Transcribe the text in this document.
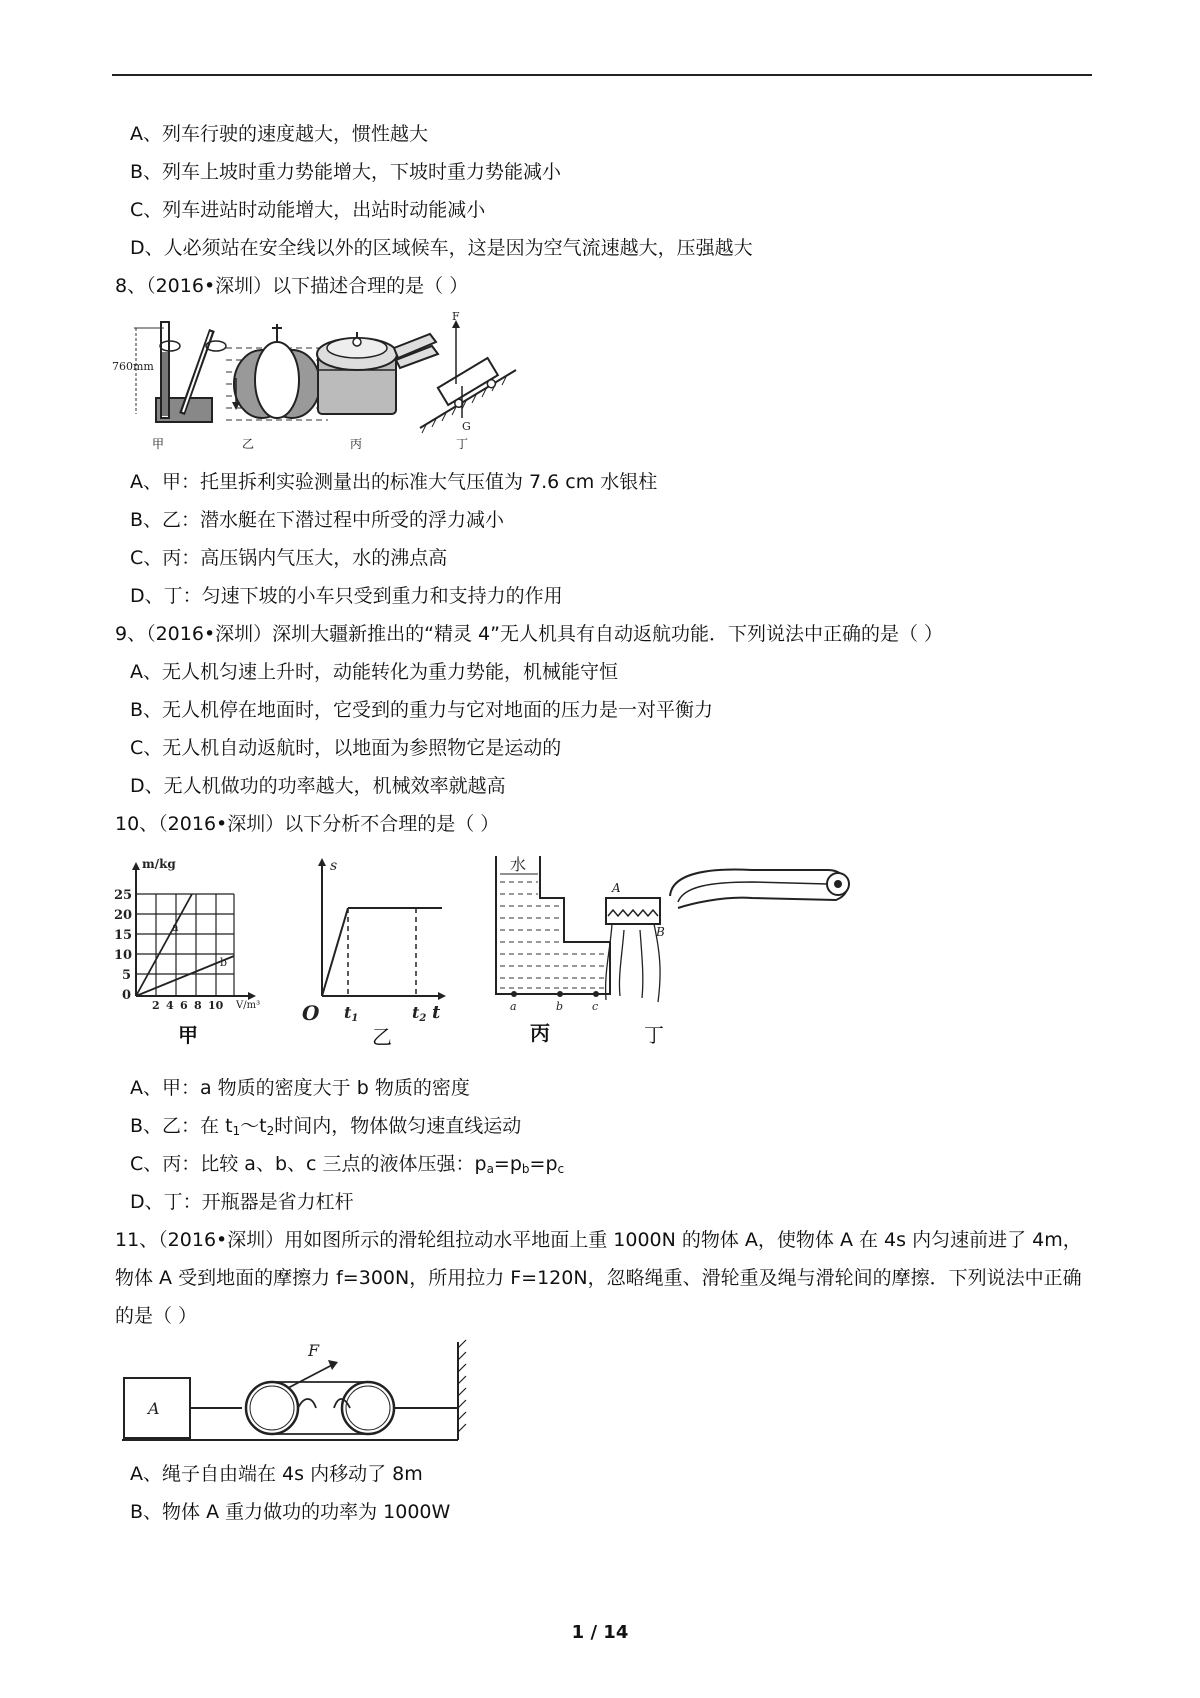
A、列车行驶的速度越大，惯性越大
B、列车上坡时重力势能增大，下坡时重力势能减小
C、列车进站时动能增大，出站时动能减小
D、人必须站在安全线以外的区域候车，这是因为空气流速越大，压强越大
8、（2016•深圳）以下描述合理的是（ ）
760mm
F
G
甲	乙	丙	丁
A、甲：托里拆利实验测量出的标准大气压值为 7.6 cm 水银柱
B、乙：潜水艇在下潜过程中所受的浮力减小
C、丙：高压锅内气压大，水的沸点高
D、丁：匀速下坡的小车只受到重力和支持力的作用
9、（2016•深圳）深圳大疆新推出的“精灵 4”无人机具有自动返航功能．下列说法中正确的是（ ）
A、无人机匀速上升时，动能转化为重力势能，机械能守恒
B、无人机停在地面时，它受到的重力与它对地面的压力是一对平衡力
C、无人机自动返航时，以地面为参照物它是运动的
D、无人机做功的功率越大，机械效率就越高
10、（2016•深圳）以下分析不合理的是（ ）
m/kg
V/m³
25
20
15
10
5
0
2 4 6 8 10
a
b
甲
s
O t1	t2 t
乙
水
a	b	c
丙
A
B
丁
A、甲：a 物质的密度大于 b 物质的密度
B、乙：在 $t_1\sim t_2$时间内，物体做匀速直线运动
C、丙：比较 a、b、c 三点的液体压强：$p_a=p_b=p_c$
D、丁：开瓶器是省力杠杆
11、（2016•深圳）用如图所示的滑轮组拉动水平地面上重 1000N 的物体 A，使物体 A 在 4s 内匀速前进了 4m，物体 A 受到地面的摩擦力 f=300N，所用拉力 F=120N，忽略绳重、滑轮重及绳与滑轮间的摩擦．下列说法中正确的是（ ）
F
A
A、绳子自由端在 4s 内移动了 8m
B、物体 A 重力做功的功率为 1000W
1 / 14
